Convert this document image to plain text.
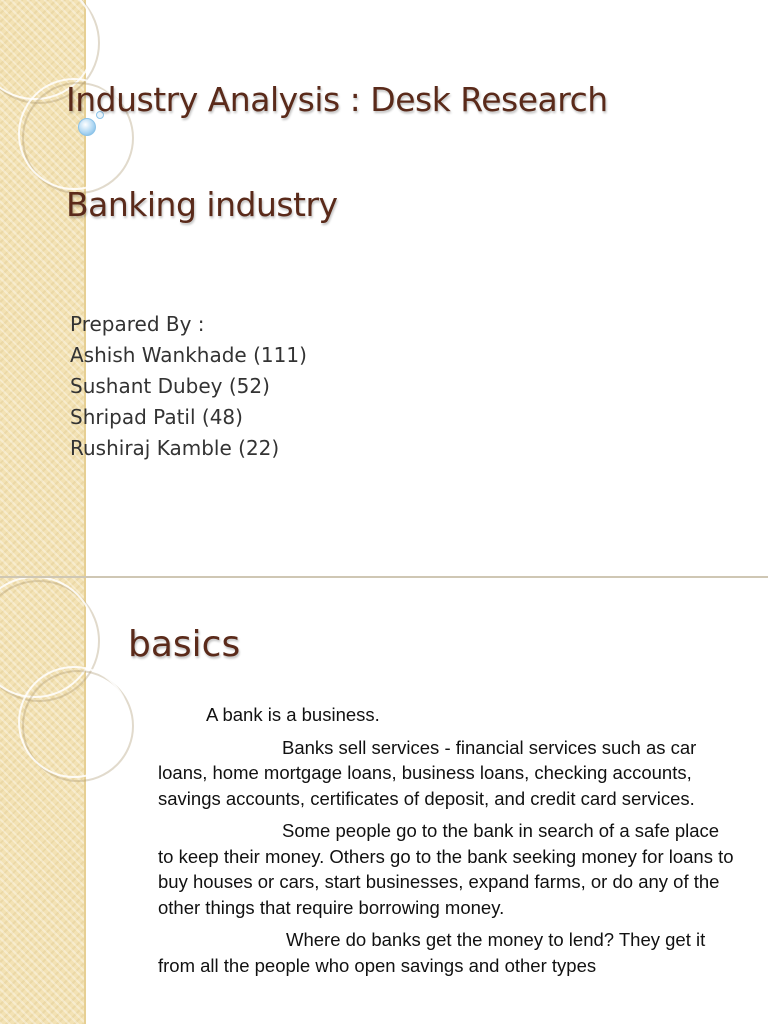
Industry Analysis : Desk Research
Banking industry
Prepared By :
Ashish Wankhade (111)
Sushant Dubey (52)
Shripad Patil (48)
Rushiraj Kamble (22)
basics

A bank is a business.

Banks sell services - financial services such as car loans, home mortgage loans, business loans, checking accounts, savings accounts, certificates of deposit, and credit card services.

Some people go to the bank in search of a safe place to keep their money. Others go to the bank seeking money for loans to buy houses or cars, start businesses, expand farms, or do any of the other things that require borrowing money.

Where do banks get the money to lend? They get it from all the people who open savings and other types
